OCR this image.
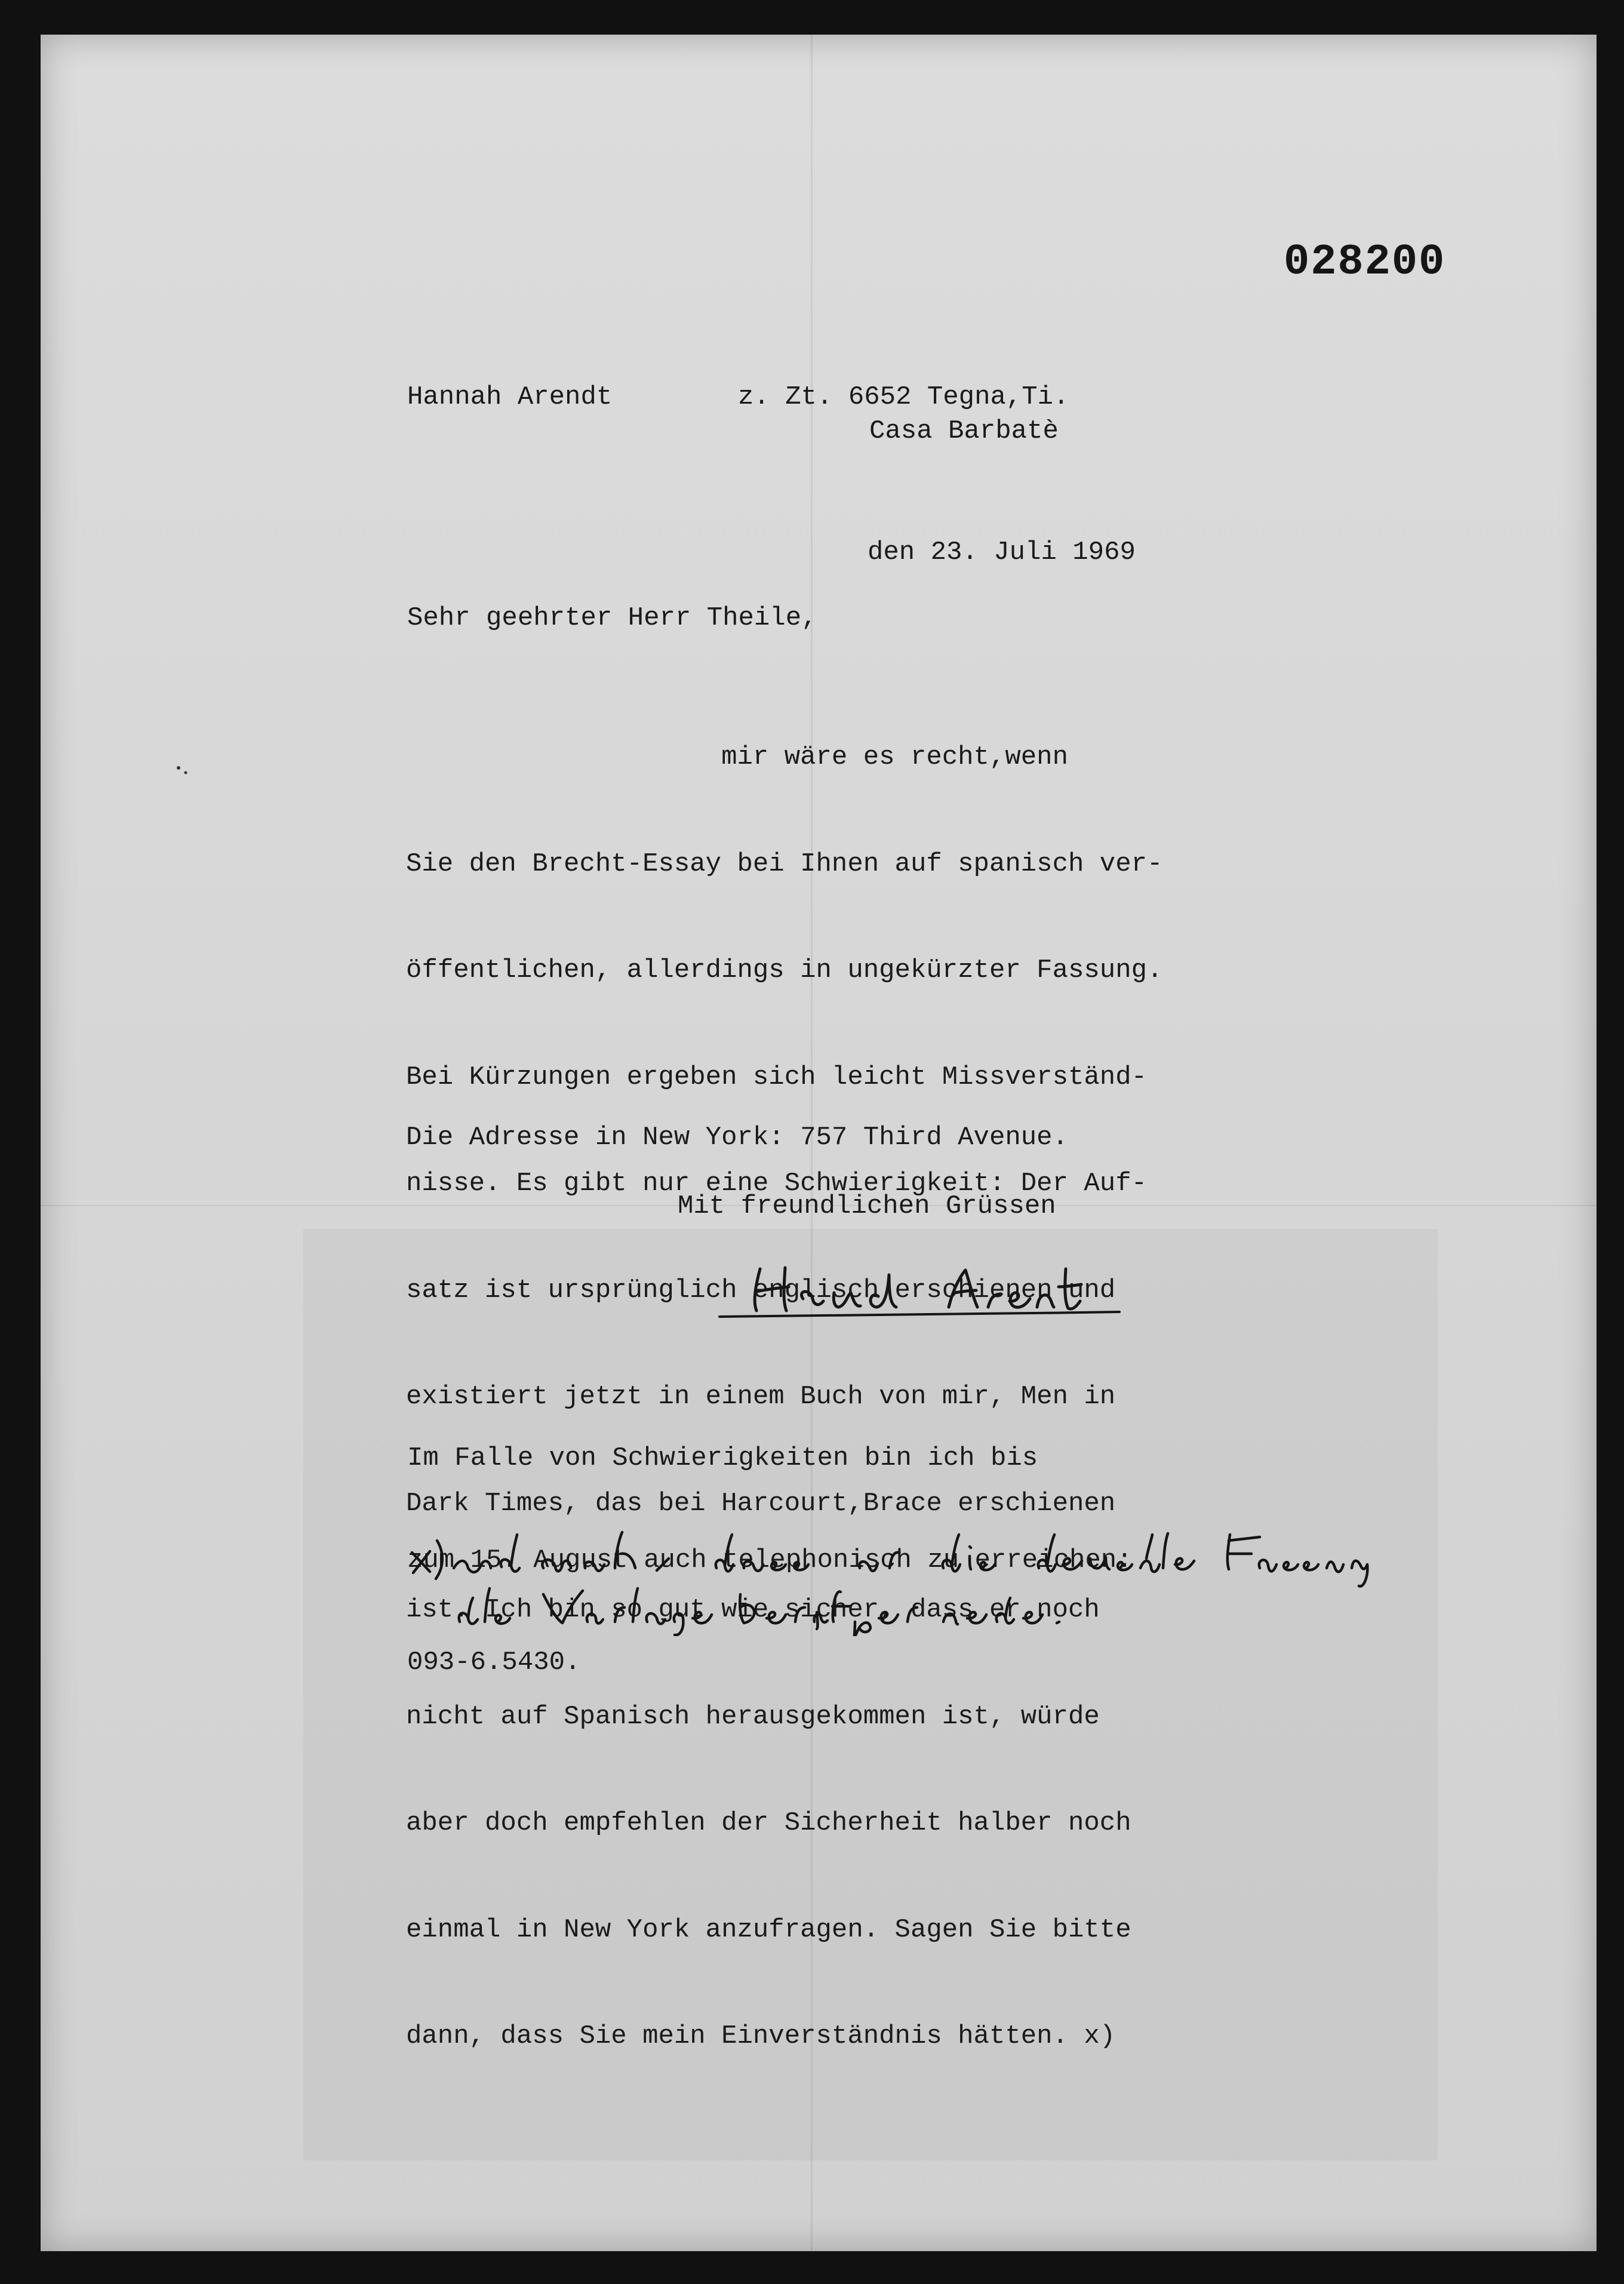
028200
Hannah Arendt	z. Zt. 6652 Tegna,Ti.
Casa Barbatè
den 23. Juli 1969
Sehr geehrter Herr Theile,

mir wäre es recht,wenn

Sie den Brecht-Essay bei Ihnen auf spanisch ver-

öffentlichen, allerdings in ungekürzter Fassung.

Bei Kürzungen ergeben sich leicht Missverständ-

nisse. Es gibt nur eine Schwierigkeit: Der Auf-

satz ist ursprünglich englisch erschienen und

existiert jetzt in einem Buch von mir, Men in

Dark Times, das bei Harcourt,Brace erschienen

ist. Ich bin so gut wie sicher, dass er noch

nicht auf Spanisch herausgekommen ist, würde

aber doch empfehlen der Sicherheit halber noch

einmal in New York anzufragen. Sagen Sie bitte

dann, dass Sie mein Einverständnis hätten. x)

Die Adresse in New York: 757 Third Avenue.
Mit freundlichen Grüssen

Im Falle von Schwierigkeiten bin ich bis

zum 15. August auch telephonisch zu erreichen:

093-6.5430.
